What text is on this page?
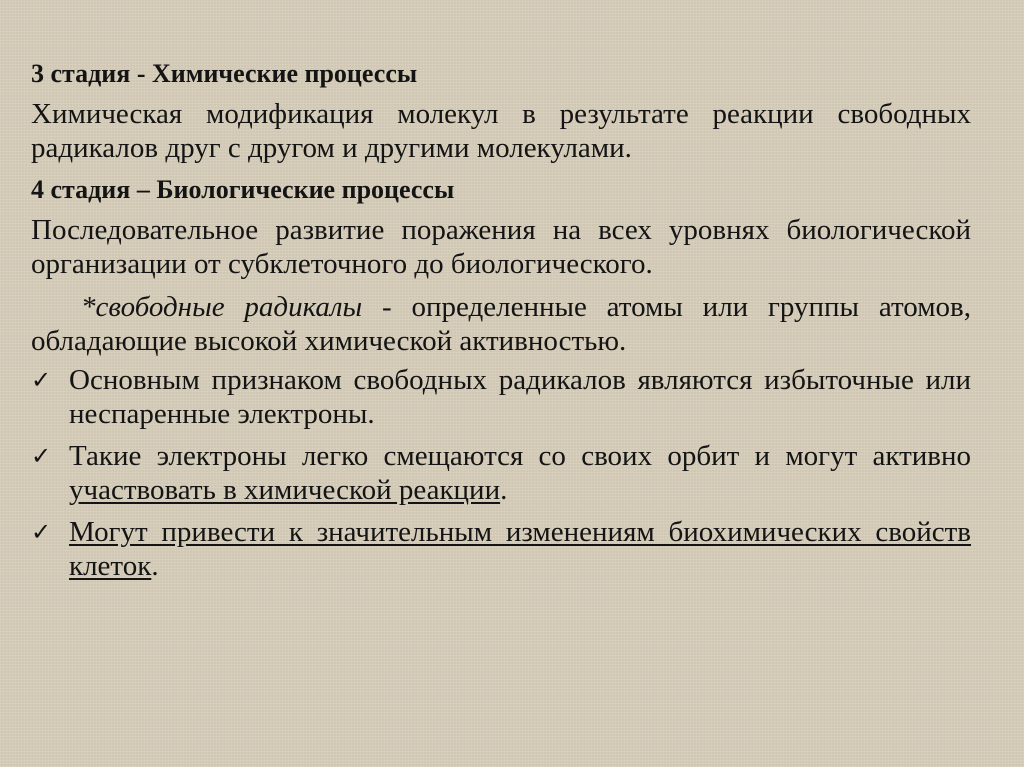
3 стадия - Химические процессы
Химическая модификация молекул в результате реакции свободных радикалов друг с другом и другими молекулами.
4 стадия – Биологические процессы
Последовательное развитие поражения на всех уровнях биологической организации от субклеточного до биологического.
*свободные радикалы - определенные атомы или группы атомов, обладающие высокой химической активностью.
✓ Основным признаком свободных радикалов являются избыточные или неспаренные электроны.
✓ Такие электроны легко смещаются со своих орбит и могут активно участвовать в химической реакции.
✓ Могут привести к значительным изменениям биохимических свойств клеток.
